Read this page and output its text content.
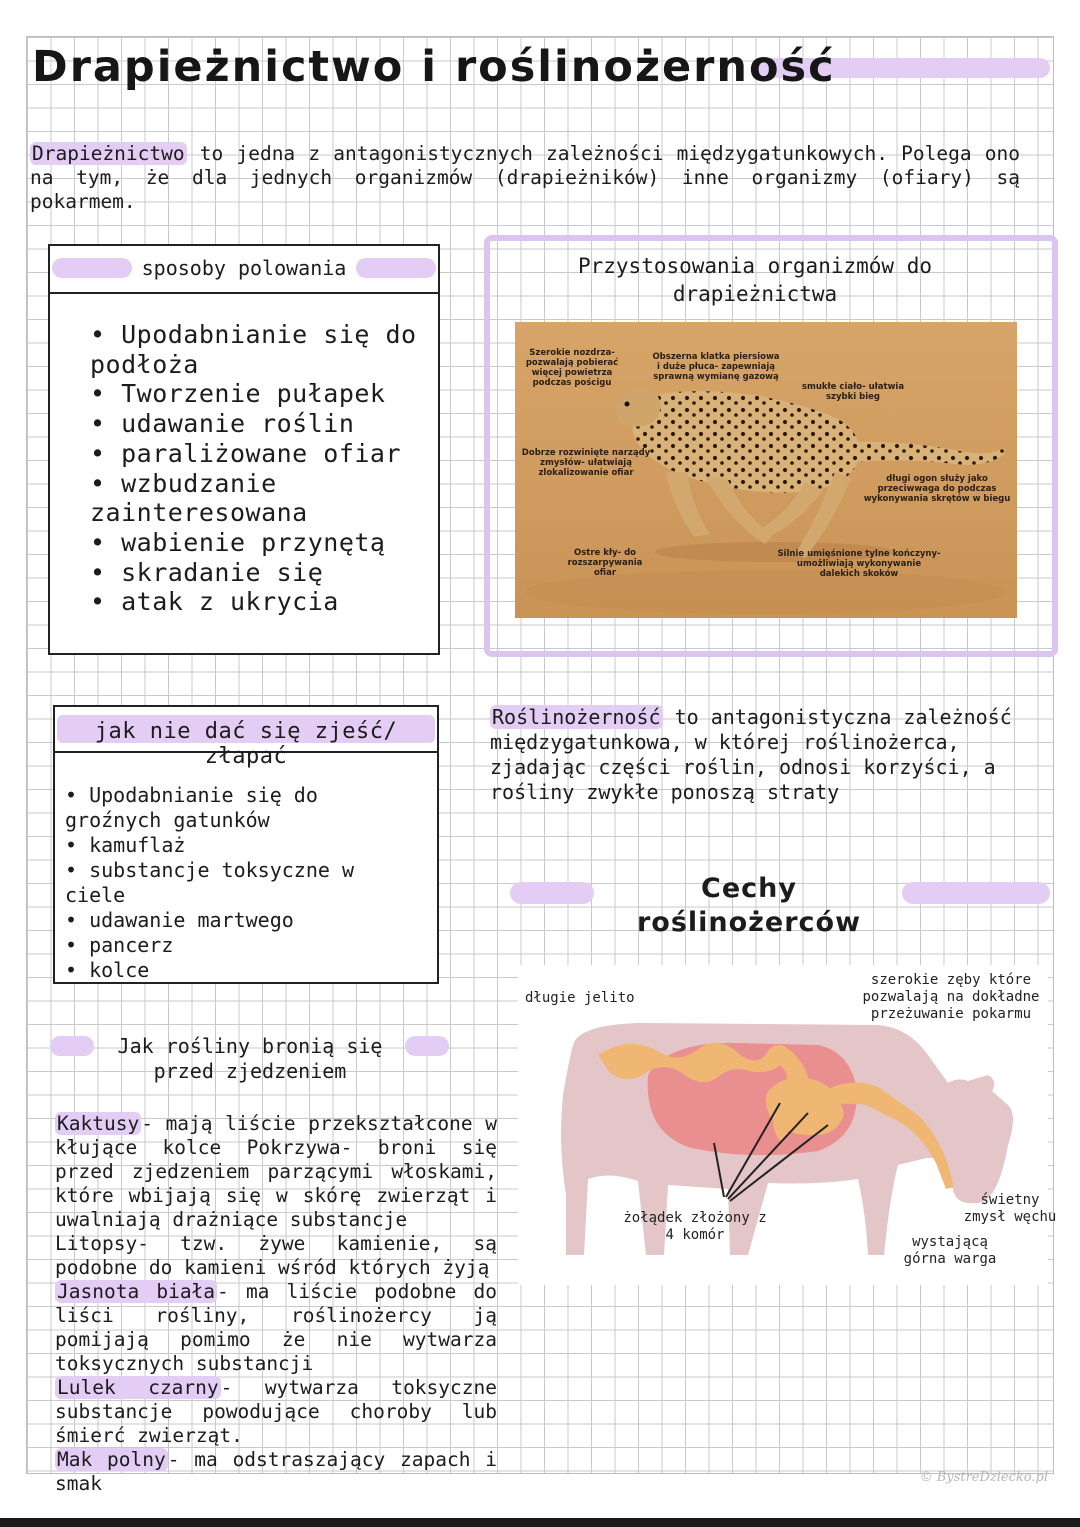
Drapieżnictwo i roślinożerność
Drapieżnictwo to jedna z antagonistycznych zależności międzygatunkowych. Polega ono na tym, że dla jednych organizmów (drapieżników) inne organizmy (ofiary) są pokarmem.
sposoby polowania
• Upodabnianie się do podłoża
• Tworzenie pułapek
• udawanie roślin
• paraliżowane ofiar
• wzbudzanie zainteresowana
• wabienie przynętą
• skradanie się
• atak z ukrycia
Przystosowania organizmów do drapieżnictwa
Szerokie nozdrza- pozwalają pobierać więcej powietrza podczas pościgu
Obszerna klatka piersiowa i duże płuca- zapewniają sprawną wymianę gazową
smukłe ciało- ułatwia szybki bieg
Dobrze rozwinięte narządy zmysłów- ułatwiają zlokalizowanie ofiar
długi ogon służy jako przeciwwaga do podczas wykonywania skrętów w biegu
Ostre kły- do rozszarpywania ofiar
Silnie umięśnione tylne kończyny- umożliwiają wykonywanie dalekich skoków
jak nie dać się zjeść/ złapać
• Upodabnianie się do groźnych gatunków
• kamuflaż
• substancje toksyczne w ciele
• udawanie martwego
• pancerz
• kolce
Roślinożerność to antagonistyczna zależność międzygatunkowa, w której roślinożerca, zjadając części roślin, odnosi korzyści, a rośliny zwykłe ponoszą straty
Cechy roślinożerców
długie jelito
szerokie zęby które pozwalają na dokładne przeżuwanie pokarmu
żołądek złożony z 4 komór	wystającą górna warga
świetny zmysł węchu
Jak rośliny bronią się przed zjedzeniem
Kaktusy - mają liście przekształcone w kłujące kolce Pokrzywa- broni się przed zjedzeniem parzącymi włoskami, które wbijają się w skórę zwierząt i uwalniają drażniące substancje
Litopsy- tzw. żywe kamienie, są podobne do kamieni wśród których żyją
Jasnota biała - ma liście podobne do liści rośliny, roślinożercy ją pomijają pomimo że nie wytwarza toksycznych substancji
Lulek czarny - wytwarza toksyczne substancje powodujące choroby lub śmierć zwierząt.
Mak polny - ma odstraszający zapach i smak	© BystreDziecko.pl
